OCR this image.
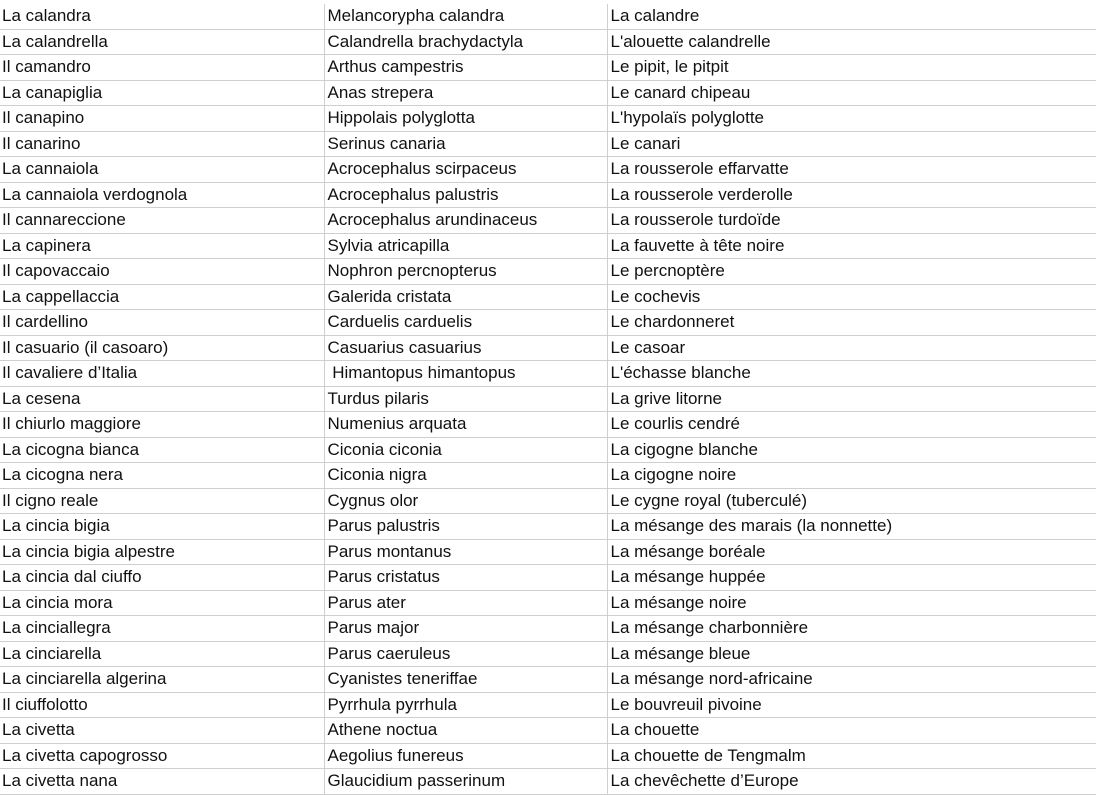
La calandra	Melancorypha calandra	La calandre
La calandrella	Calandrella brachydactyla	L'alouette calandrelle
Il camandro	Arthus campestris	Le pipit, le pitpit
La canapiglia	Anas strepera	Le canard chipeau
Il canapino	Hippolais polyglotta	L'hypolaïs polyglotte
Il canarino	Serinus canaria	Le canari
La cannaiola	Acrocephalus scirpaceus	La rousserole effarvatte
La cannaiola verdognola	Acrocephalus palustris	La rousserole verderolle
Il cannareccione	Acrocephalus arundinaceus	La rousserole turdoïde
La capinera	Sylvia atricapilla	La fauvette à tête noire
Il capovaccaio	Nophron percnopterus	Le percnoptère
La cappellaccia	Galerida cristata	Le cochevis
Il cardellino	Carduelis carduelis	Le chardonneret
Il casuario (il casoaro)	Casuarius casuarius	Le casoar
Il cavaliere d’Italia	Himantopus himantopus	L'échasse blanche
La cesena	Turdus pilaris	La grive litorne
Il chiurlo maggiore	Numenius arquata	Le courlis cendré
La cicogna bianca	Ciconia ciconia	La cigogne blanche
La cicogna nera	Ciconia nigra	La cigogne noire
Il cigno reale	Cygnus olor	Le cygne royal (tuberculé)
La cincia bigia	Parus palustris	La mésange des marais (la nonnette)
La cincia bigia alpestre	Parus montanus	La mésange boréale
La cincia dal ciuffo	Parus cristatus	La mésange huppée
La cincia mora	Parus ater	La mésange noire
La cinciallegra	Parus major	La mésange charbonnière
La cinciarella	Parus caeruleus	La mésange bleue
La cinciarella algerina	Cyanistes teneriffae	La mésange nord-africaine
Il ciuffolotto	Pyrrhula pyrrhula	Le bouvreuil pivoine
La civetta	Athene noctua	La chouette
La civetta capogrosso	Aegolius funereus	La chouette de Tengmalm
La civetta nana	Glaucidium passerinum	La chevêchette d’Europe
